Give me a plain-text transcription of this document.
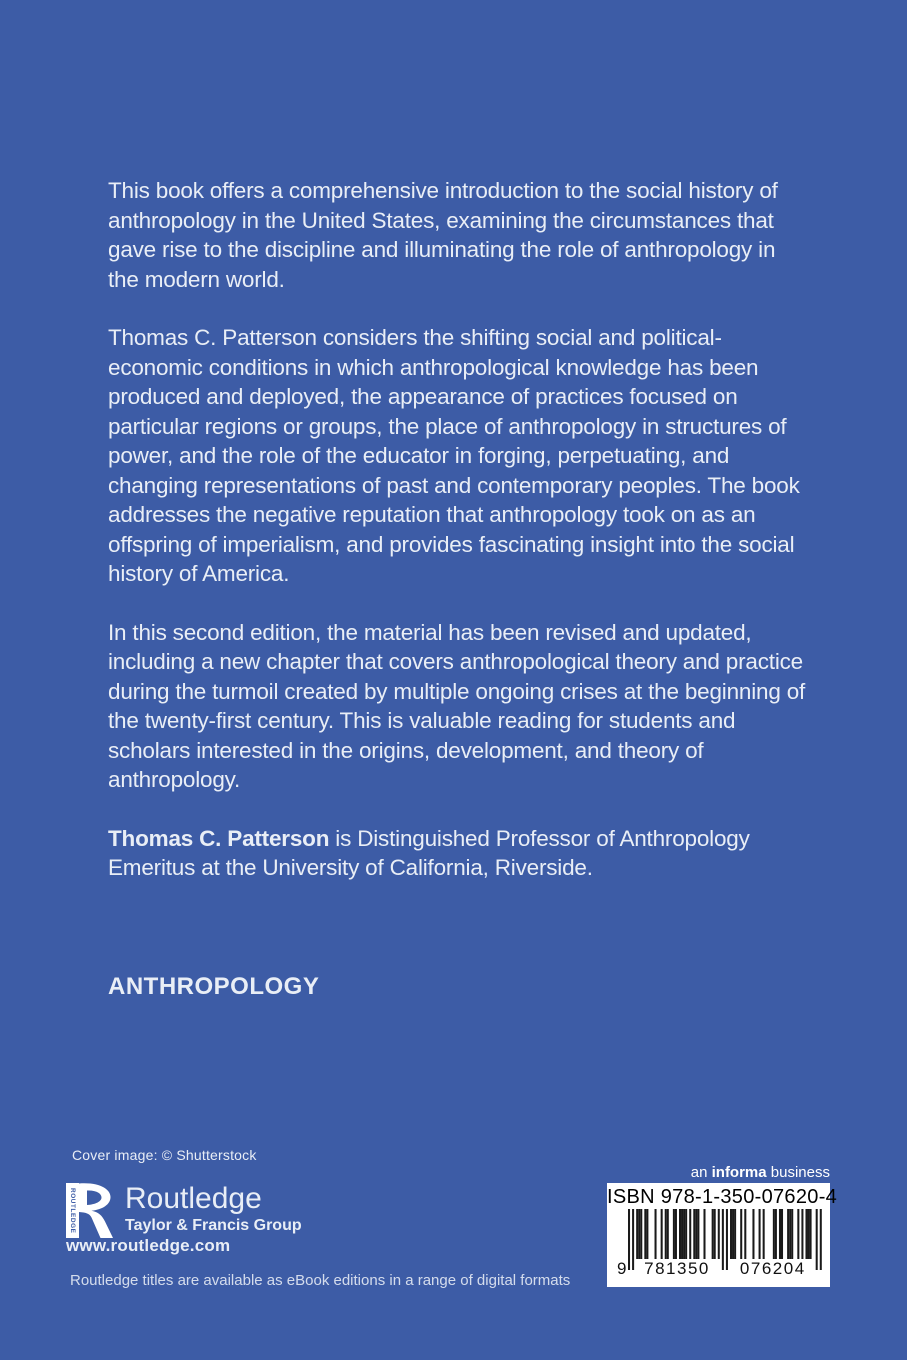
This book offers a comprehensive introduction to the social history of anthropology in the United States, examining the circumstances that gave rise to the discipline and illuminating the role of anthropology in the modern world.

Thomas C. Patterson considers the shifting social and political-economic conditions in which anthropological knowledge has been produced and deployed, the appearance of practices focused on particular regions or groups, the place of anthropology in structures of power, and the role of the educator in forging, perpetuating, and changing representations of past and contemporary peoples. The book addresses the negative reputation that anthropology took on as an offspring of imperialism, and provides fascinating insight into the social history of America.

In this second edition, the material has been revised and updated, including a new chapter that covers anthropological theory and practice during the turmoil created by multiple ongoing crises at the beginning of the twenty-first century. This is valuable reading for students and scholars interested in the origins, development, and theory of anthropology.

Thomas C. Patterson is Distinguished Professor of Anthropology Emeritus at the University of California, Riverside.

ANTHROPOLOGY
Cover image: © Shutterstock
ROUTLEDGE Routledge
Taylor & Francis Group
www.routledge.com
Routledge titles are available as eBook editions in a range of digital formats
an informa business
ISBN 978-1-350-07620-4
9 781350 076204
